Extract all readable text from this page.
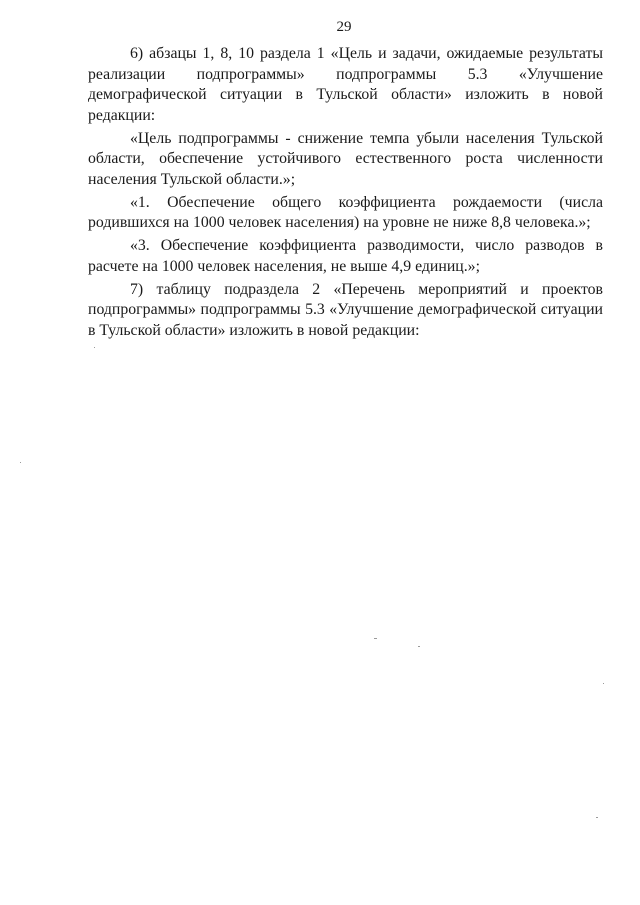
29

6) абзацы 1, 8, 10 раздела 1 «Цель и задачи, ожидаемые результаты реализации подпрограммы» подпрограммы 5.3 «Улучшение демографической ситуации в Тульской области» изложить в новой редакции:

«Цель подпрограммы - снижение темпа убыли населения Тульской области, обеспечение устойчивого естественного роста численности населения Тульской области.»;

«1. Обеспечение общего коэффициента рождаемости (числа родившихся на 1000 человек населения) на уровне не ниже 8,8 человека.»;

«3. Обеспечение коэффициента разводимости, число разводов в расчете на 1000 человек населения, не выше 4,9 единиц.»;

7) таблицу подраздела 2 «Перечень мероприятий и проектов подпрограммы» подпрограммы 5.3 «Улучшение демографической ситуации в Тульской области» изложить в новой редакции:
